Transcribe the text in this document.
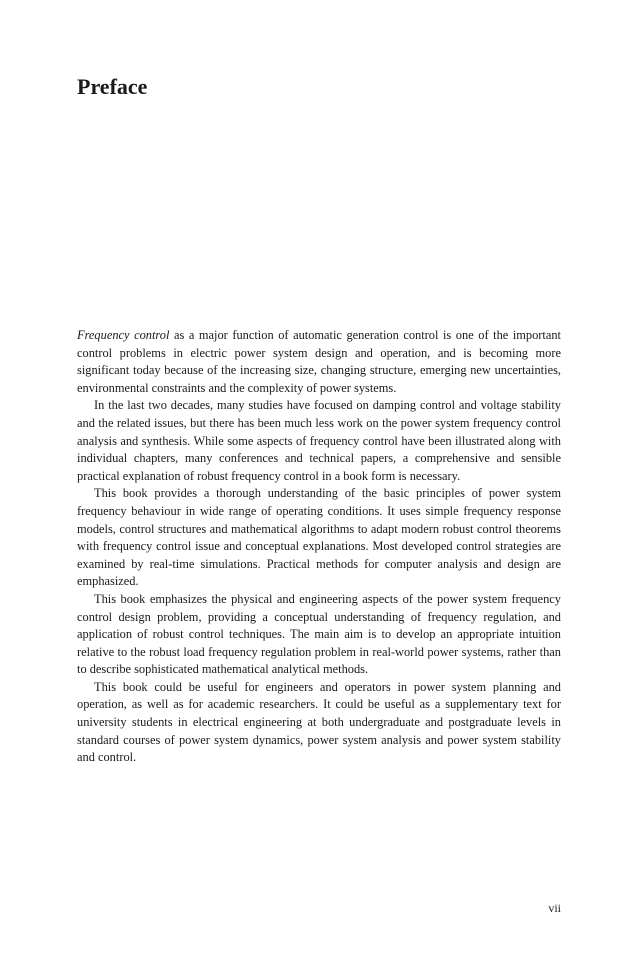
Preface

Frequency control as a major function of automatic generation control is one of the important control problems in electric power system design and operation, and is becoming more significant today because of the increasing size, changing structure, emerging new uncertainties, environmental constraints and the complexity of power systems.

In the last two decades, many studies have focused on damping control and voltage stability and the related issues, but there has been much less work on the power system frequency control analysis and synthesis. While some aspects of frequency control have been illustrated along with individual chapters, many conferences and technical papers, a comprehensive and sensible practical explanation of robust frequency control in a book form is necessary.

This book provides a thorough understanding of the basic principles of power system frequency behaviour in wide range of operating conditions. It uses simple frequency response models, control structures and mathematical algorithms to adapt modern robust control theorems with frequency control issue and conceptual explanations. Most developed control strategies are examined by real-time simulations. Practical methods for computer analysis and design are emphasized.

This book emphasizes the physical and engineering aspects of the power system frequency control design problem, providing a conceptual understanding of frequency regulation, and application of robust control techniques. The main aim is to develop an appropriate intuition relative to the robust load frequency regulation problem in real-world power systems, rather than to describe sophisticated mathematical analytical methods.

This book could be useful for engineers and operators in power system planning and operation, as well as for academic researchers. It could be useful as a supplementary text for university students in electrical engineering at both undergraduate and postgraduate levels in standard courses of power system dynamics, power system analysis and power system stability and control.

vii
